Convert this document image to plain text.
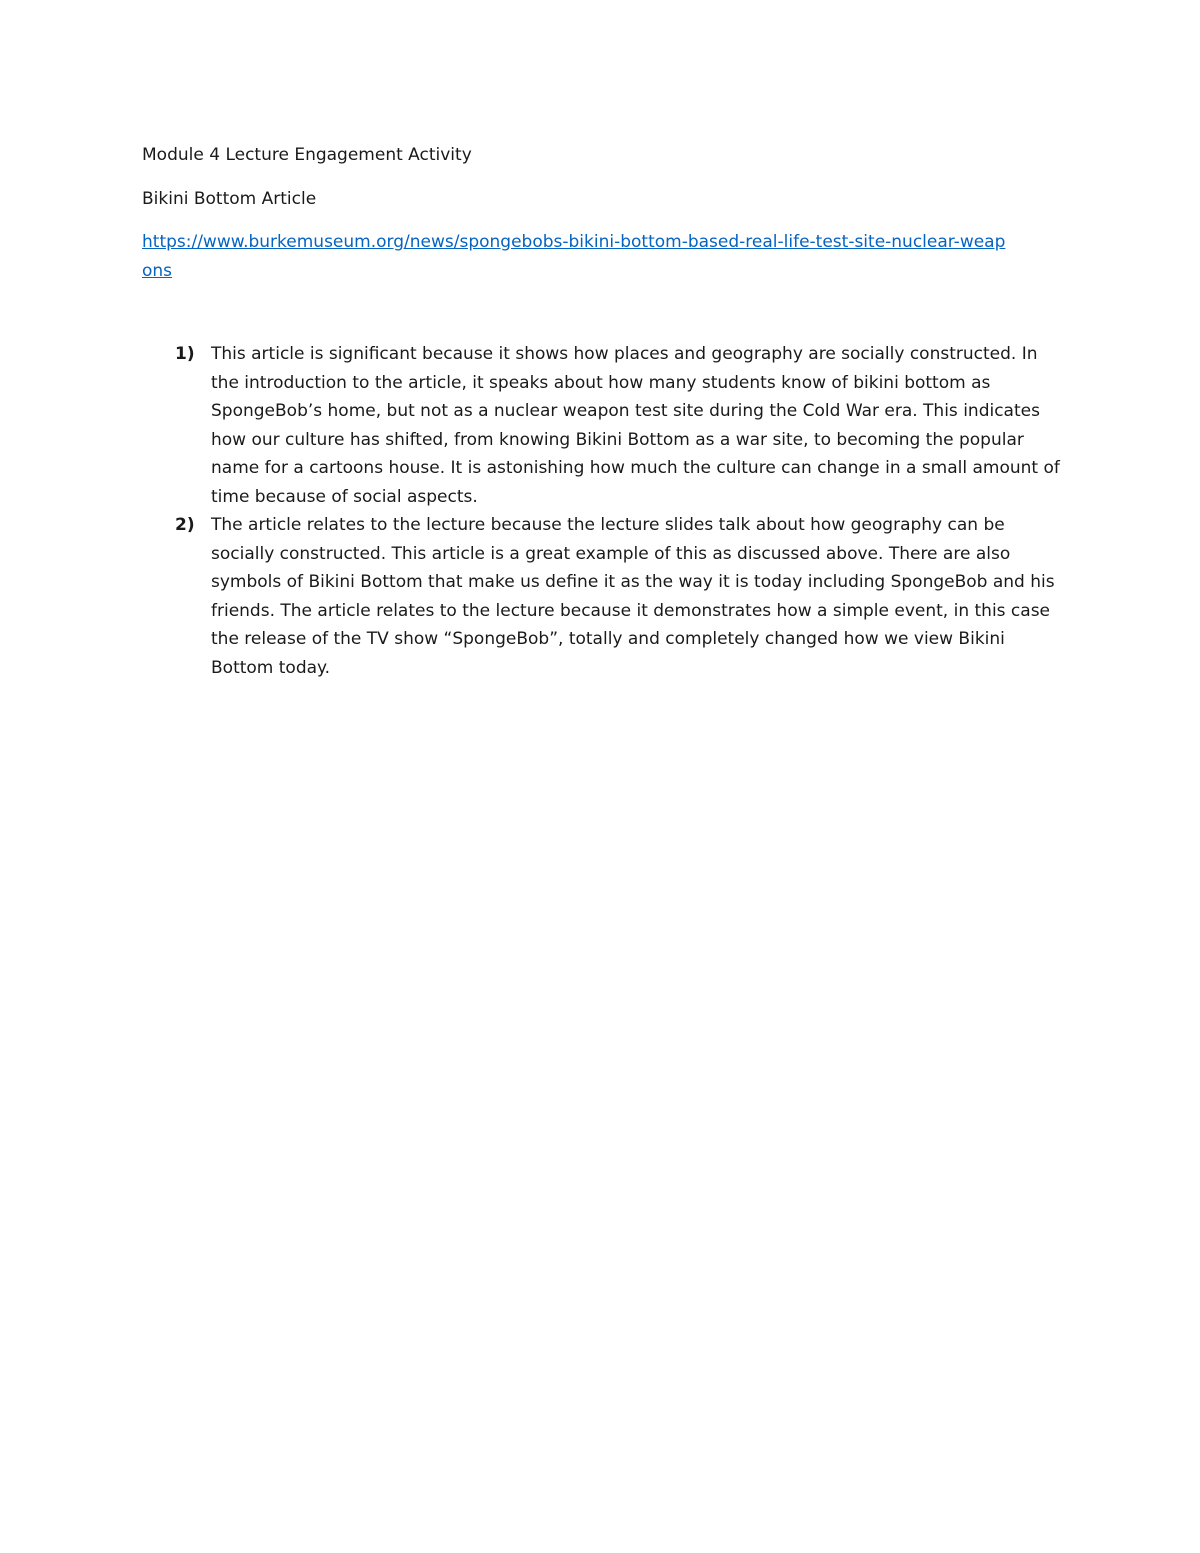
Module 4 Lecture Engagement Activity

Bikini Bottom Article

https://www.burkemuseum.org/news/spongebobs-bikini-bottom-based-real-life-test-site-nuclear-weapons

1) This article is significant because it shows how places and geography are socially constructed. In the introduction to the article, it speaks about how many students know of bikini bottom as SpongeBob’s home, but not as a nuclear weapon test site during the Cold War era. This indicates how our culture has shifted, from knowing Bikini Bottom as a war site, to becoming the popular name for a cartoons house. It is astonishing how much the culture can change in a small amount of time because of social aspects.
2) The article relates to the lecture because the lecture slides talk about how geography can be socially constructed. This article is a great example of this as discussed above. There are also symbols of Bikini Bottom that make us define it as the way it is today including SpongeBob and his friends. The article relates to the lecture because it demonstrates how a simple event, in this case the release of the TV show “SpongeBob”, totally and completely changed how we view Bikini Bottom today.
